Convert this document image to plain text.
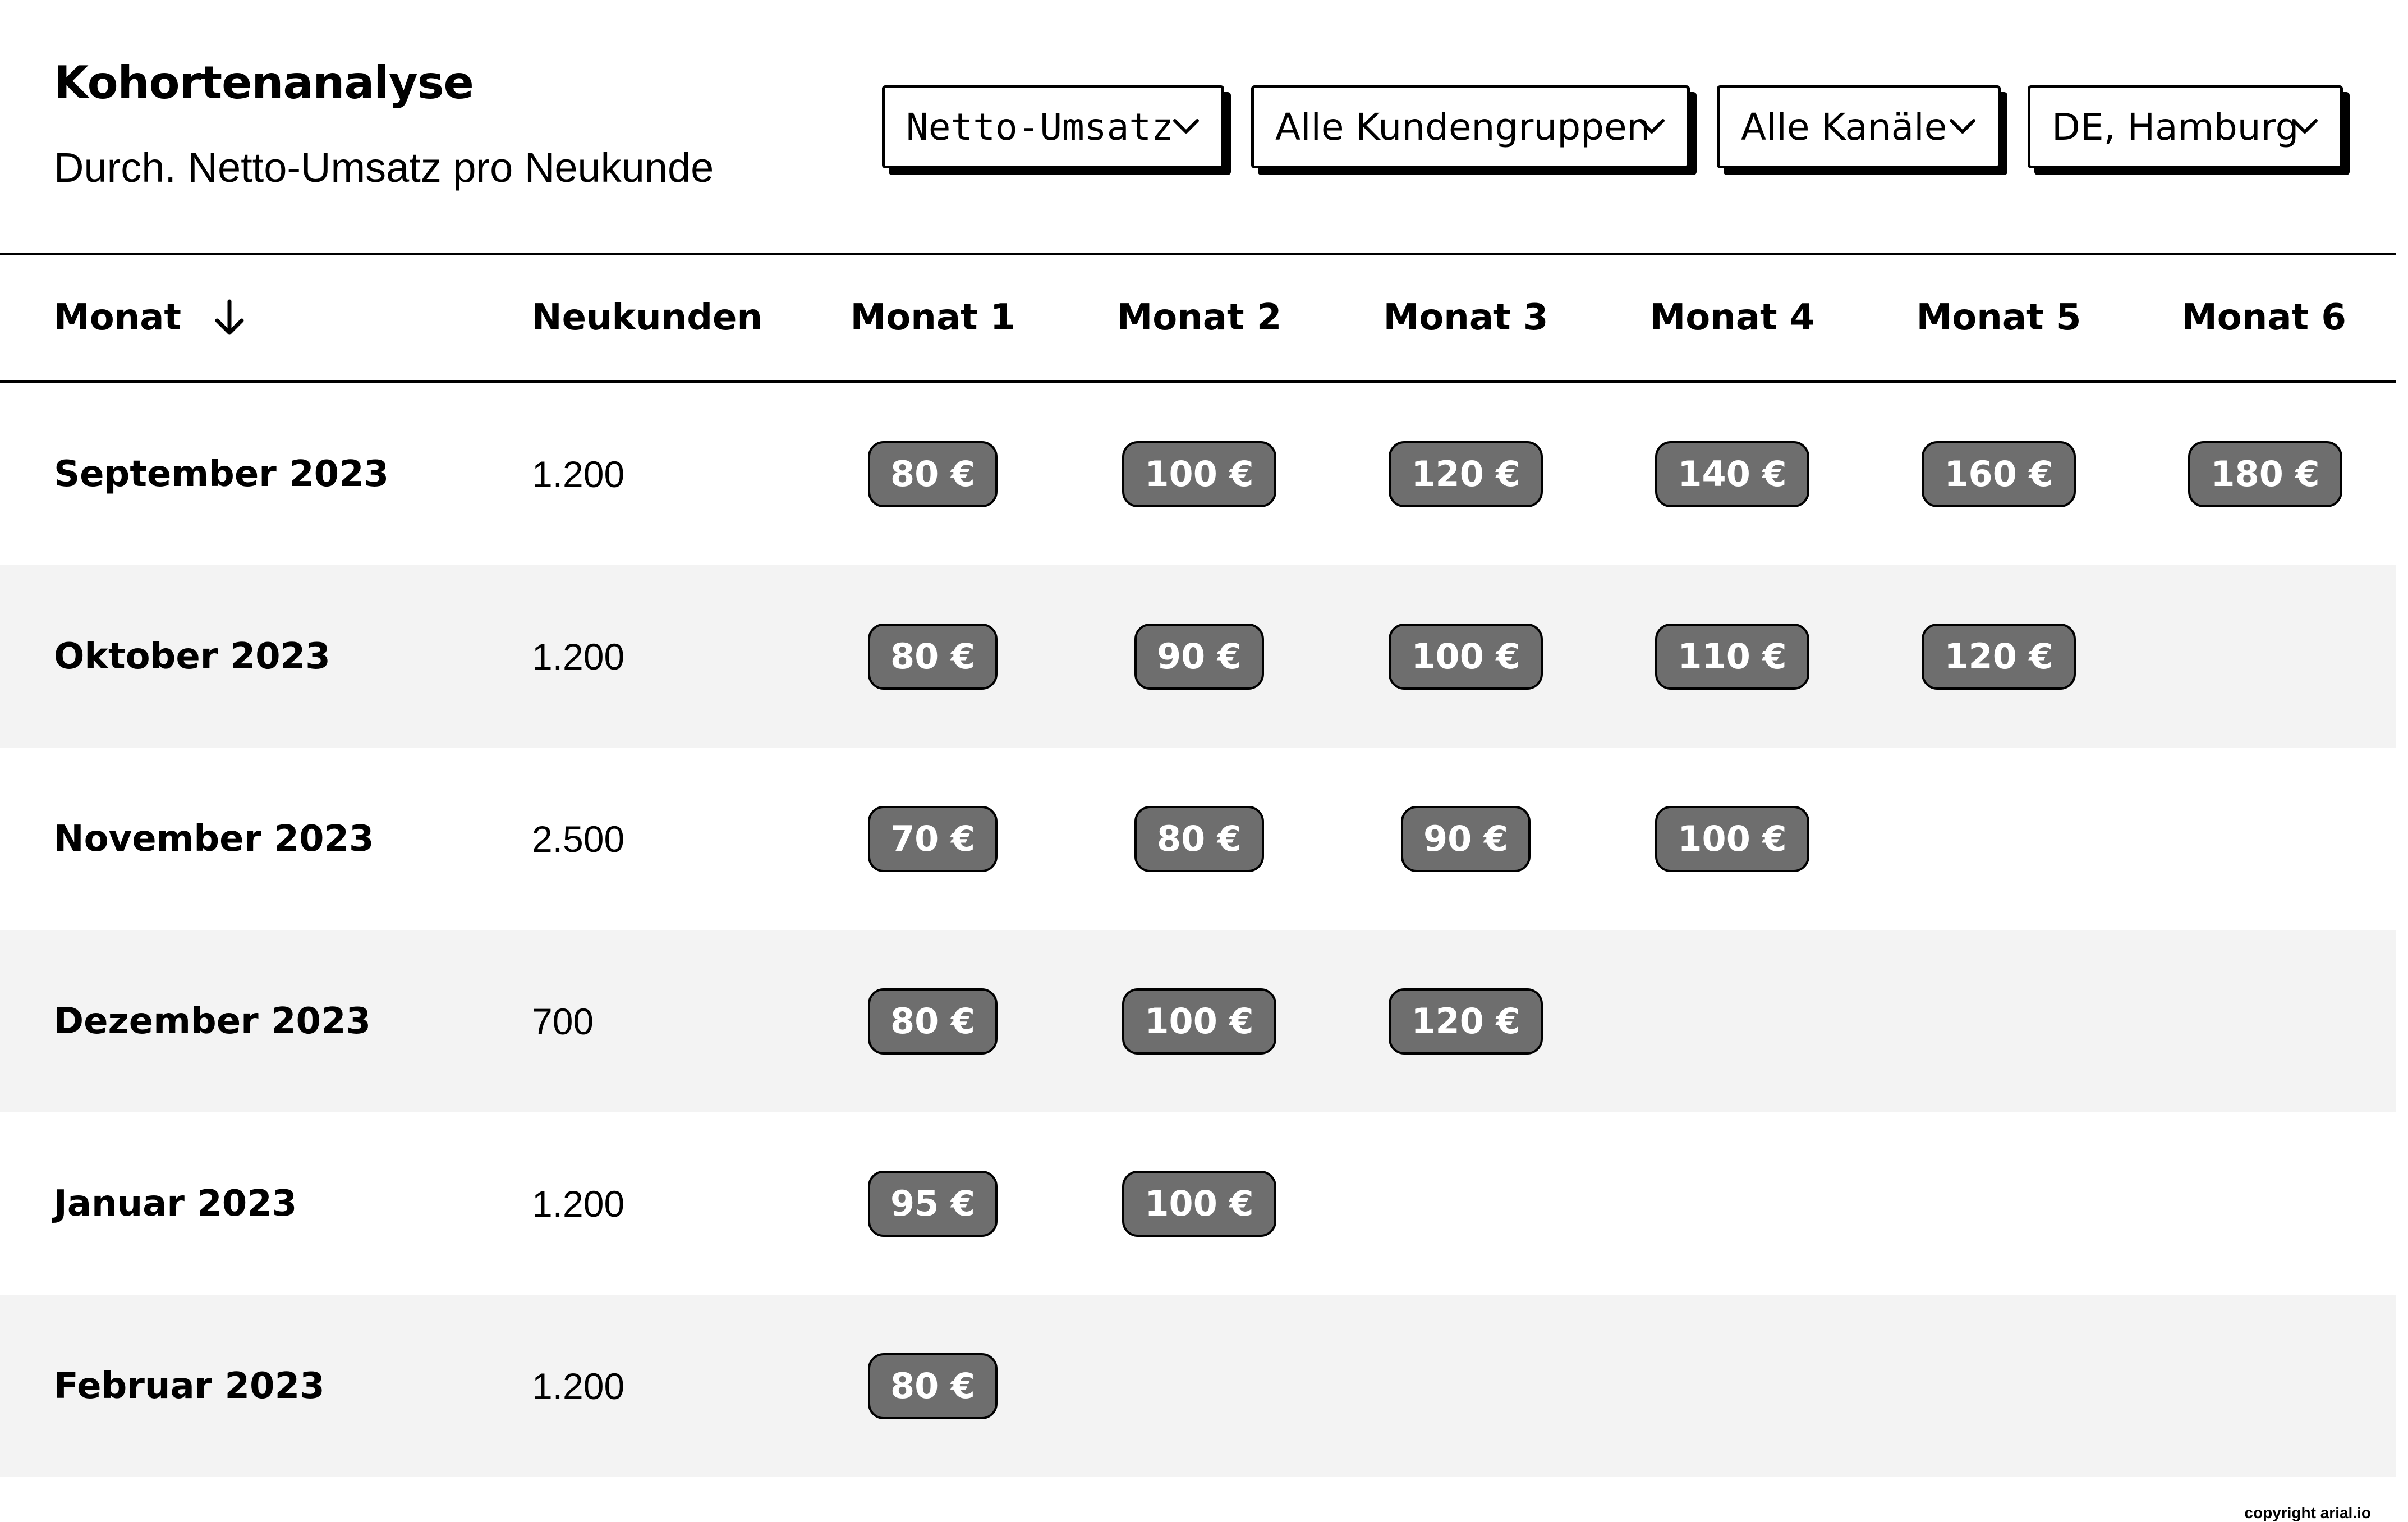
Kohortenanalyse
Durch. Netto-Umsatz pro Neukunde
Netto-Umsatz	Alle Kundengruppen Alle Kanäle	DE, Hamburg
Monat	Neukunden	Monat 1	Monat 2	Monat 3	Monat 4	Monat 5	Monat 6
September 2023	1.200	80 €	100 €	120 €	140 €	160 €	180 €
Oktober 2023	1.200	80 €	90 €	100 €	110 €	120 €
November 2023	2.500	70 €	80 €	90 €	100 €
Dezember 2023	700	80 €	100 €	120 €
Januar 2023	1.200	95 €	100 €
Februar 2023	1.200	80 €
copyright arial.io
